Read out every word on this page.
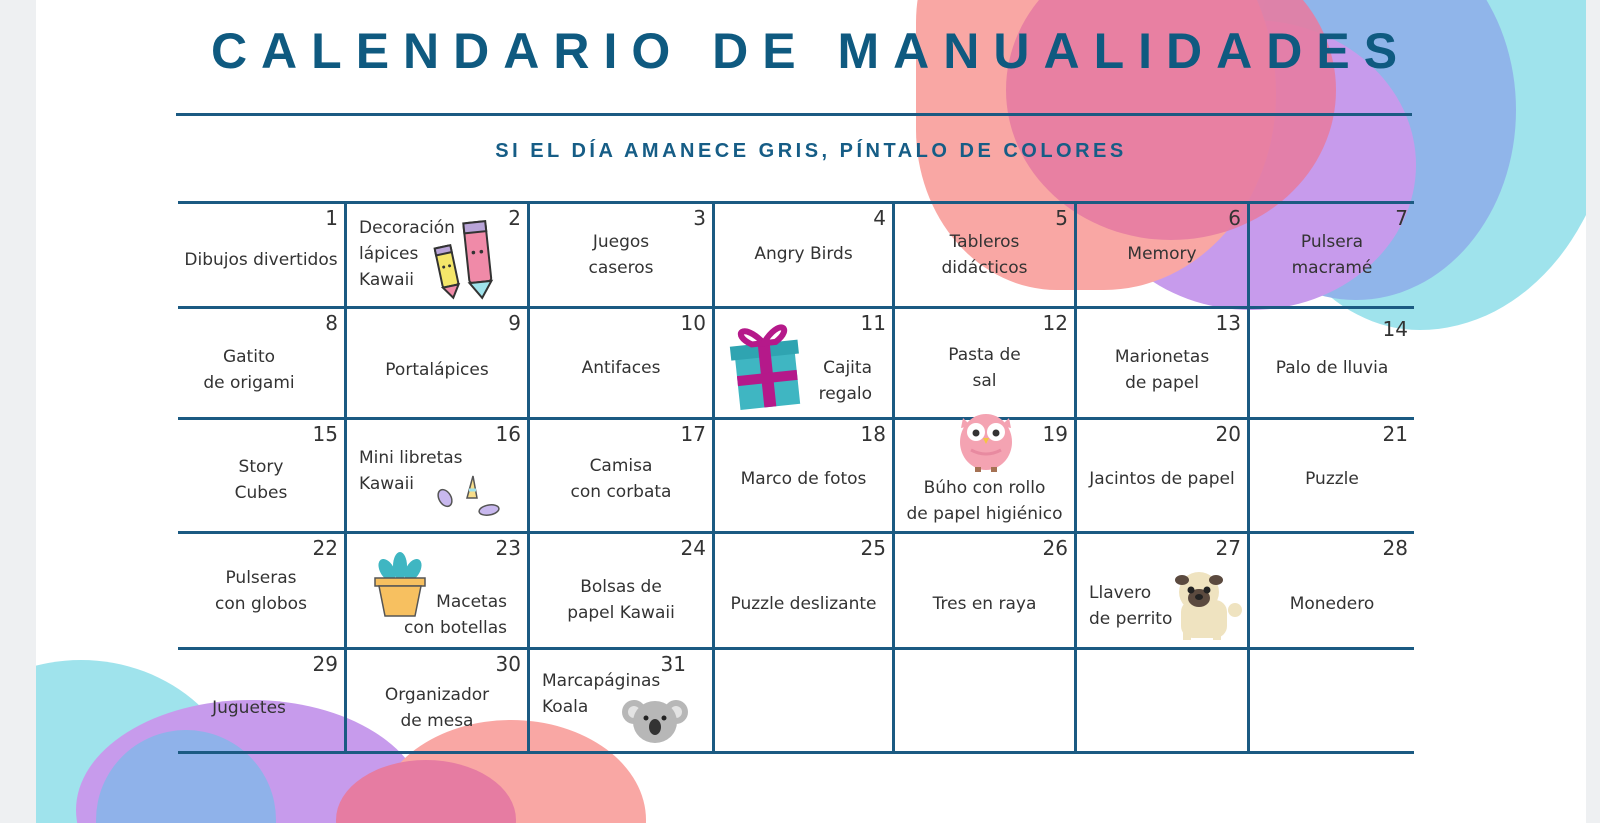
CALENDARIO DE MANUALIDADES
SI EL DÍA AMANECE GRIS, PÍNTALO DE COLORES
1
Dibujos divertidos
2
Decoración
lápices
Kawaii
3
Juegos
caseros
4
Angry Birds
5
Tableros
didácticos
6
Memory
7
Pulsera
macramé
8
Gatito
de origami
9
Portalápices
10
Antifaces
11
Cajita
regalo
12
Pasta de
sal
13
Marionetas
de papel
14
Palo de lluvia
15
Story
Cubes
16
Mini libretas
Kawaii
17
Camisa
con corbata
18
Marco de fotos
19
Búho con rollo
de papel higiénico
20
Jacintos de papel
21
Puzzle
22
Pulseras
con globos
23
Macetas
con botellas
24
Bolsas de
papel Kawaii
25
Puzzle deslizante
26
Tres en raya
27
Llavero
de perrito
28
Monedero
29
Juguetes
30
Organizador
de mesa
31
Marcapáginas
Koala
